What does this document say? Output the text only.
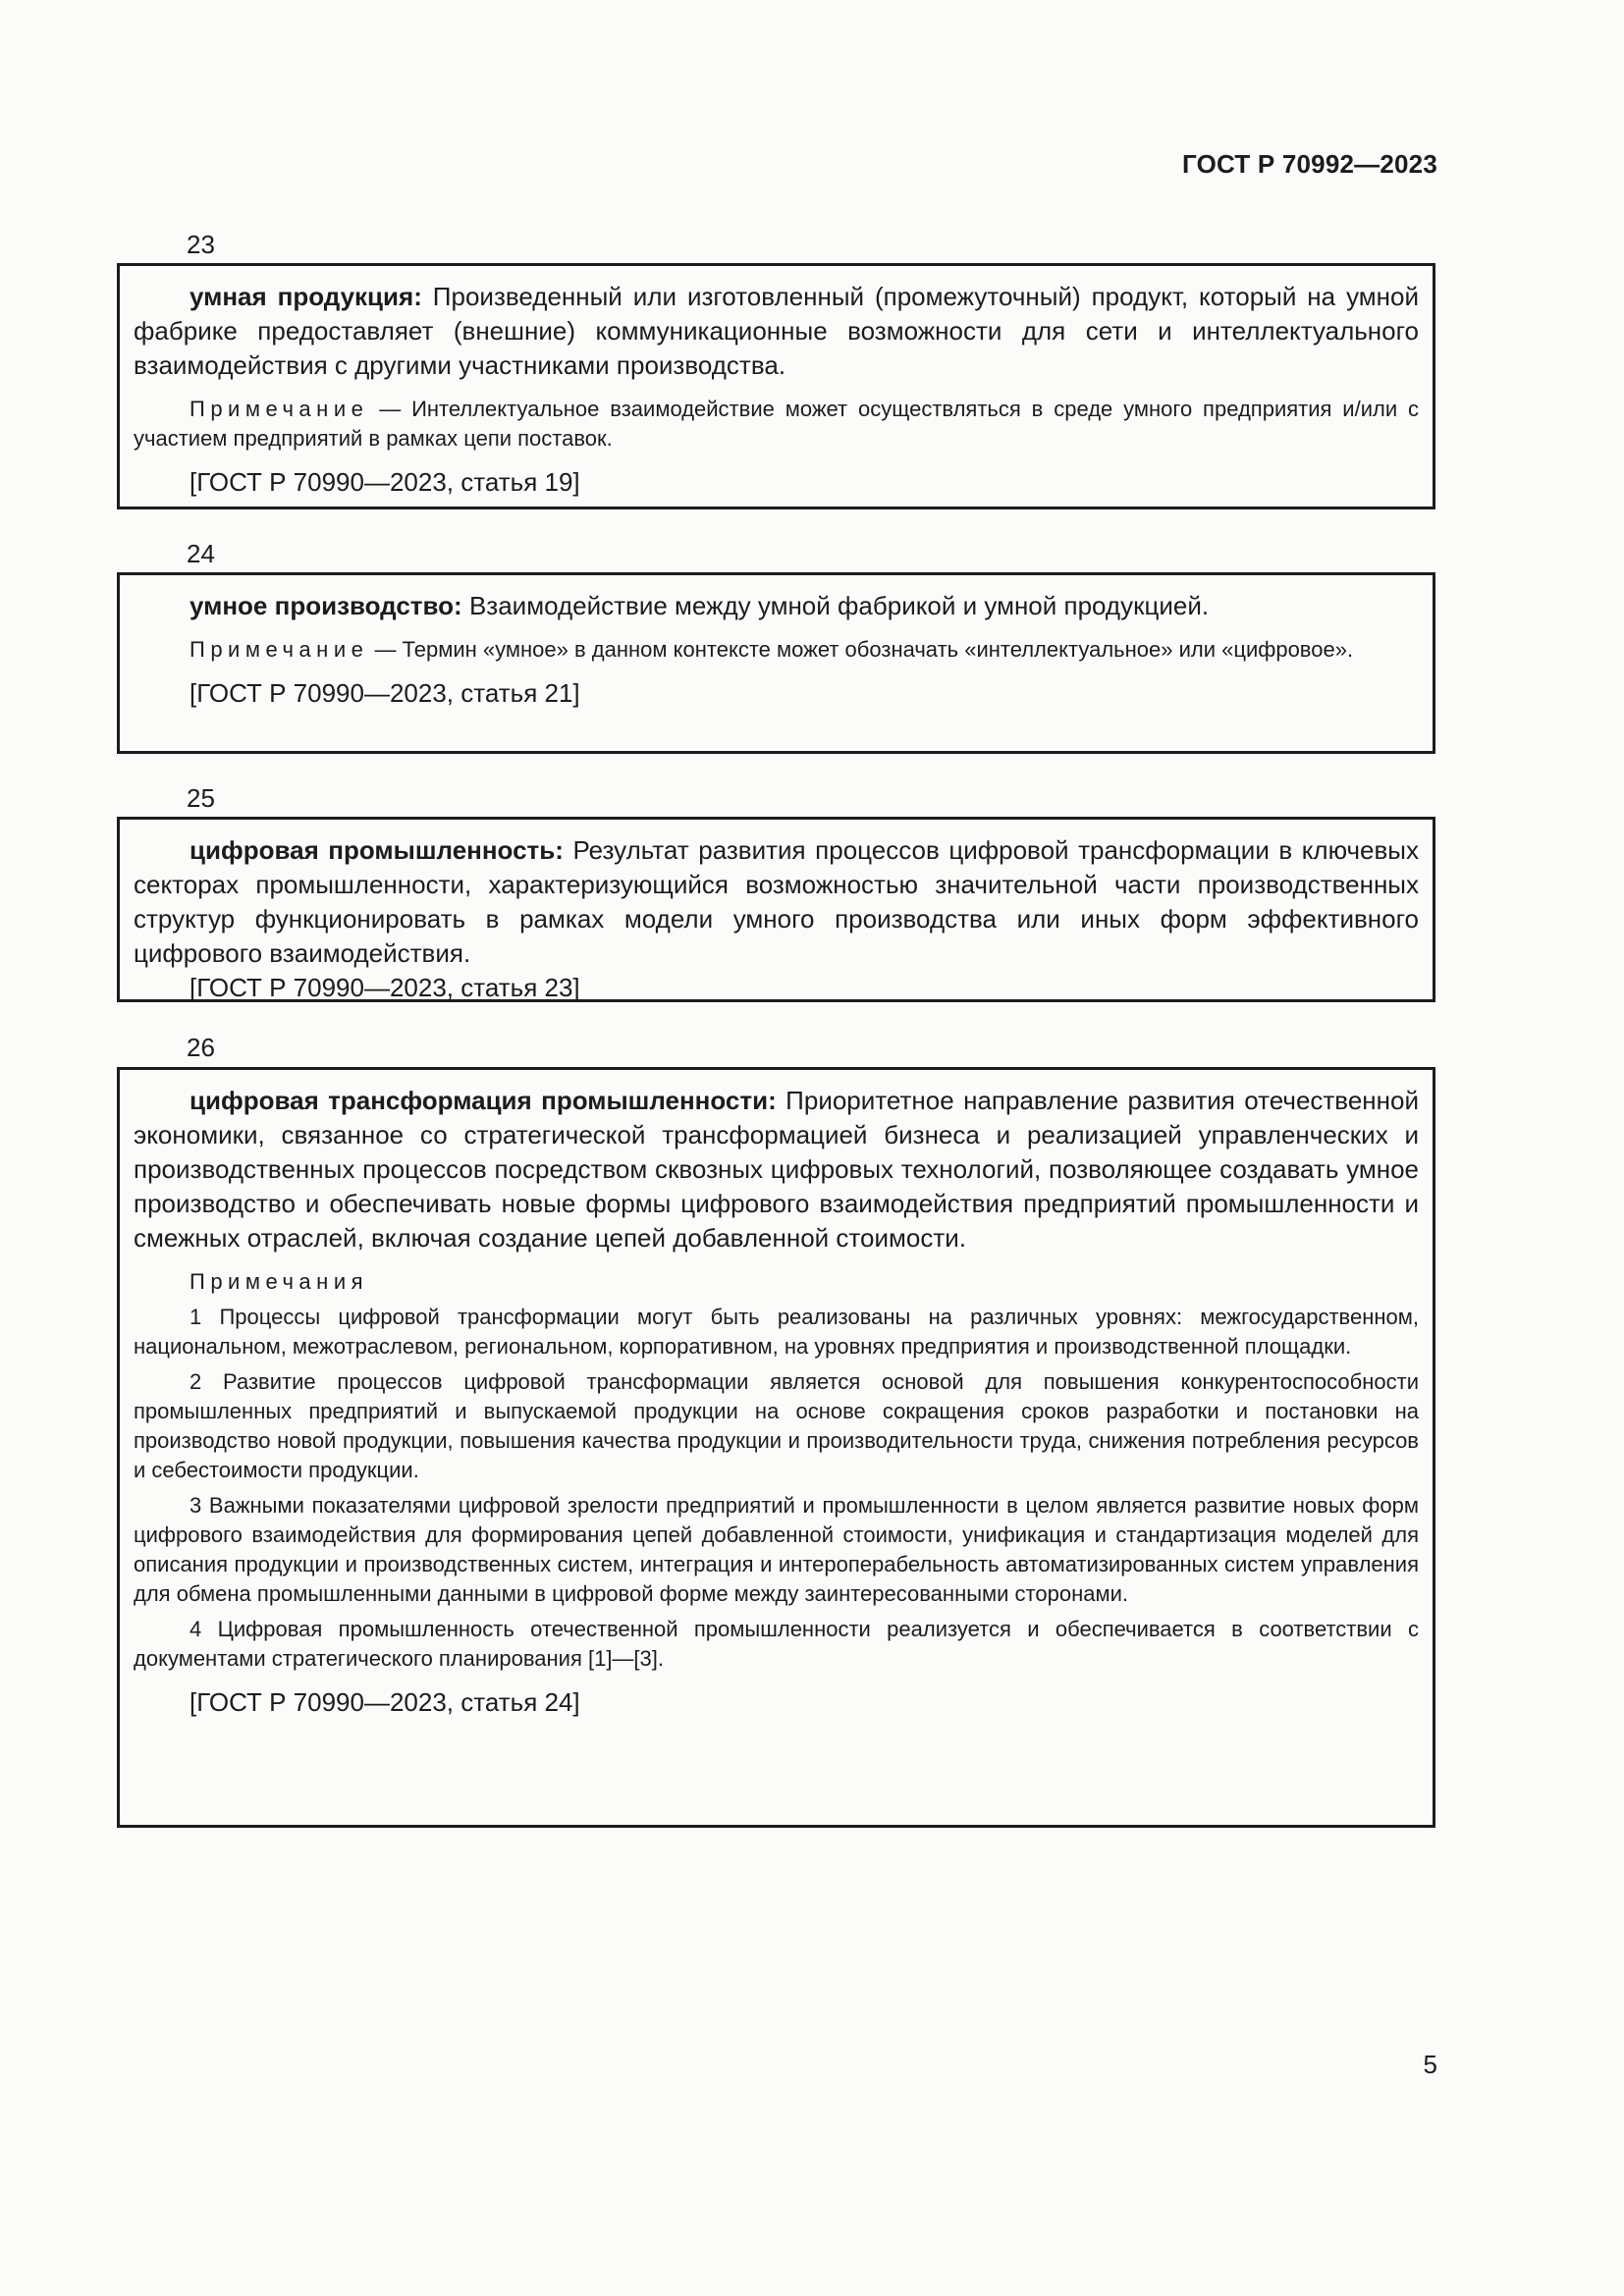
ГОСТ Р 70992—2023
23

умная продукция: Произведенный или изготовленный (промежуточный) продукт, который на умной фабрике предоставляет (внешние) коммуникационные возможности для сети и интеллектуального взаимодействия с другими участниками производства.

Примечание — Интеллектуальное взаимодействие может осуществляться в среде умного предприятия и/или с участием предприятий в рамках цепи поставок.

[ГОСТ Р 70990—2023, статья 19]

24

умное производство: Взаимодействие между умной фабрикой и умной продукцией.

Примечание — Термин «умное» в данном контексте может обозначать «интеллектуальное» или «цифровое».

[ГОСТ Р 70990—2023, статья 21]

25

цифровая промышленность: Результат развития процессов цифровой трансформации в ключевых секторах промышленности, характеризующийся возможностью значительной части производственных структур функционировать в рамках модели умного производства или иных форм эффективного цифрового взаимодействия.

[ГОСТ Р 70990—2023, статья 23]

26

цифровая трансформация промышленности: Приоритетное направление развития отечественной экономики, связанное со стратегической трансформацией бизнеса и реализацией управленческих и производственных процессов посредством сквозных цифровых технологий, позволяющее создавать умное производство и обеспечивать новые формы цифрового взаимодействия предприятий промышленности и смежных отраслей, включая создание цепей добавленной стоимости.

Примечания

1 Процессы цифровой трансформации могут быть реализованы на различных уровнях: межгосударственном, национальном, межотраслевом, региональном, корпоративном, на уровнях предприятия и производственной площадки.

2 Развитие процессов цифровой трансформации является основой для повышения конкурентоспособности промышленных предприятий и выпускаемой продукции на основе сокращения сроков разработки и постановки на производство новой продукции, повышения качества продукции и производительности труда, снижения потребления ресурсов и себестоимости продукции.

3 Важными показателями цифровой зрелости предприятий и промышленности в целом является развитие новых форм цифрового взаимодействия для формирования цепей добавленной стоимости, унификация и стандартизация моделей для описания продукции и производственных систем, интеграция и интероперабельность автоматизированных систем управления для обмена промышленными данными в цифровой форме между заинтересованными сторонами.

4 Цифровая промышленность отечественной промышленности реализуется и обеспечивается в соответствии с документами стратегического планирования [1]—[3].

[ГОСТ Р 70990—2023, статья 24]

5
